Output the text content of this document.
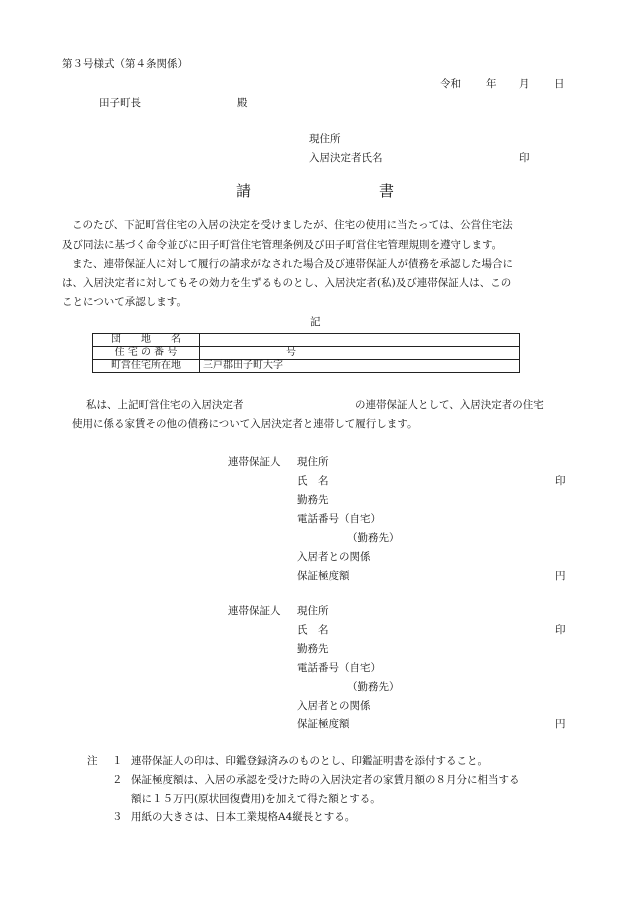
第３号様式（第４条関係）
令和 年 月 日
田子町長	殿
現住所
入居決定者氏名	印
請	書
このたび、下記町営住宅の入居の決定を受けましたが、住宅の使用に当たっては、公営住宅法
及び同法に基づく命令並びに田子町営住宅管理条例及び田子町営住宅管理規則を遵守します。
また、連帯保証人に対して履行の請求がなされた場合及び連帯保証人が債務を承認した場合に
は、入居決定者に対してもその効力を生ずるものとし、入居決定者(私)及び連帯保証人は、この
ことについて承認します。
記
団　　地　　名	
住 宅 の 番 号	号
町営住宅所在地	三戸郡田子町大字
私は、上記町営住宅の入居決定者	の連帯保証人として、入居決定者の住宅
使用に係る家賃その他の債務について入居決定者と連帯して履行します。
連帯保証人 現住所
氏　名	印
勤務先
電話番号（自宅）
（勤務先）
入居者との関係
保証極度額	円
連帯保証人 現住所
氏　名	印
勤務先
電話番号（自宅）
（勤務先）
入居者との関係
保証極度額	円
注 １ 連帯保証人の印は、印鑑登録済みのものとし、印鑑証明書を添付すること。
２ 保証極度額は、入居の承認を受けた時の入居決定者の家賃月額の８月分に相当する
額に１５万円(原状回復費用)を加えて得た額とする。
３ 用紙の大きさは、日本工業規格A4縦長とする。
